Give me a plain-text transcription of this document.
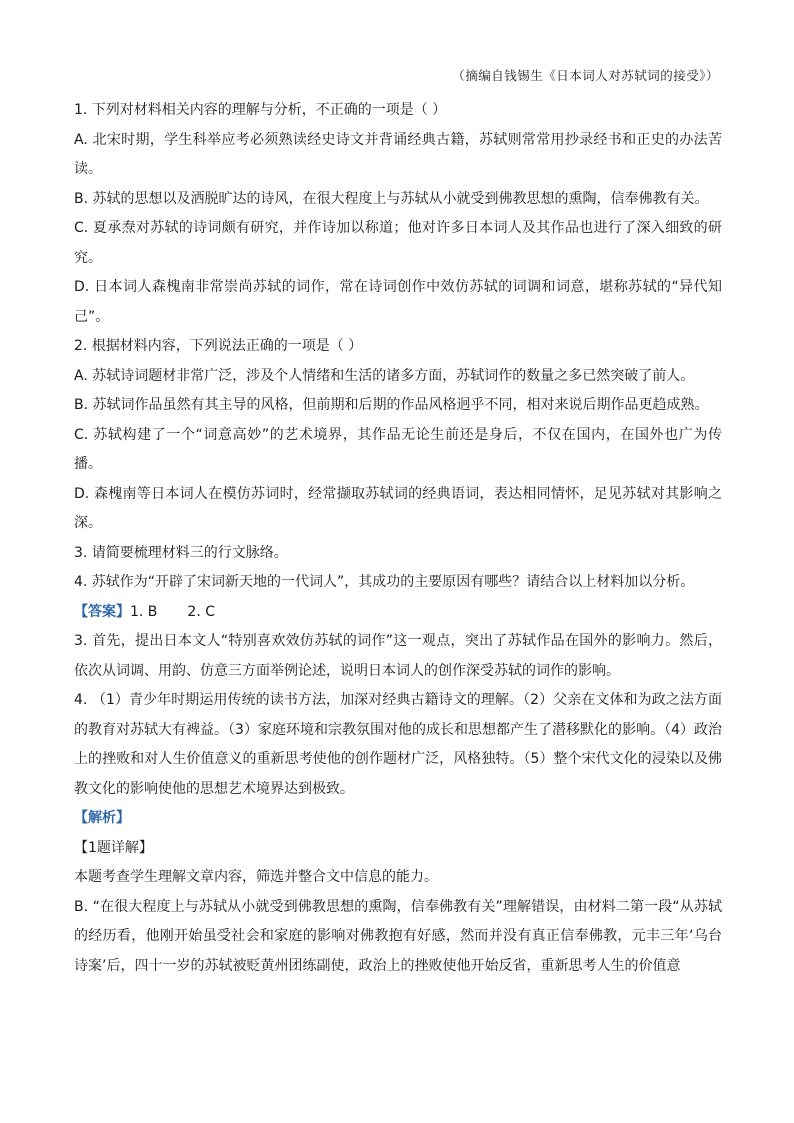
（摘编自钱锡生《日本词人对苏轼词的接受》）

1. 下列对材料相关内容的理解与分析，不正确的一项是（ ）

A. 北宋时期，学生科举应考必须熟读经史诗文并背诵经典古籍，苏轼则常常用抄录经书和正史的办法苦读。

B. 苏轼的思想以及洒脱旷达的诗风，在很大程度上与苏轼从小就受到佛教思想的熏陶，信奉佛教有关。

C. 夏承焘对苏轼的诗词颇有研究，并作诗加以称道；他对许多日本词人及其作品也进行了深入细致的研究。

D. 日本词人森槐南非常崇尚苏轼的词作，常在诗词创作中效仿苏轼的词调和词意，堪称苏轼的“异代知己”。

2. 根据材料内容，下列说法正确的一项是（ ）

A. 苏轼诗词题材非常广泛，涉及个人情绪和生活的诸多方面，苏轼词作的数量之多已然突破了前人。

B. 苏轼词作品虽然有其主导的风格，但前期和后期的作品风格迥乎不同，相对来说后期作品更趋成熟。

C. 苏轼构建了一个“词意高妙”的艺术境界，其作品无论生前还是身后，不仅在国内，在国外也广为传播。

D. 森槐南等日本词人在模仿苏词时，经常撷取苏轼词的经典语词，表达相同情怀，足见苏轼对其影响之深。

3. 请简要梳理材料三的行文脉络。

4. 苏轼作为“开辟了宋词新天地的一代词人”，其成功的主要原因有哪些？请结合以上材料加以分析。

【答案】1. B 2. C

3. 首先，提出日本文人“特别喜欢效仿苏轼的词作”这一观点，突出了苏轼作品在国外的影响力。然后，依次从词调、用韵、仿意三方面举例论述，说明日本词人的创作深受苏轼的词作的影响。

4. （1）青少年时期运用传统的读书方法，加深对经典古籍诗文的理解。（2）父亲在文体和为政之法方面的教育对苏轼大有裨益。（3）家庭环境和宗教氛围对他的成长和思想都产生了潜移默化的影响。（4）政治上的挫败和对人生价值意义的重新思考使他的创作题材广泛，风格独特。（5）整个宋代文化的浸染以及佛教文化的影响使他的思想艺术境界达到极致。

【解析】

【1题详解】

本题考查学生理解文章内容，筛选并整合文中信息的能力。

B. “在很大程度上与苏轼从小就受到佛教思想的熏陶，信奉佛教有关”理解错误，由材料二第一段“从苏轼的经历看，他刚开始虽受社会和家庭的影响对佛教抱有好感，然而并没有真正信奉佛教，元丰三年‘乌台诗案’后，四十一岁的苏轼被贬黄州团练副使，政治上的挫败使他开始反省，重新思考人生的价值意
